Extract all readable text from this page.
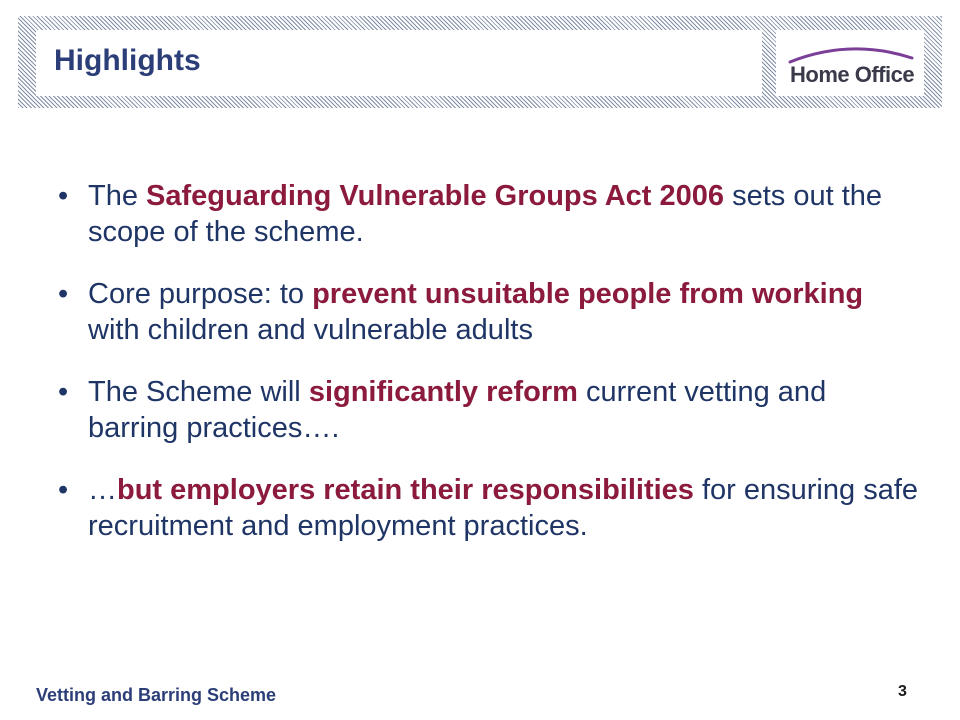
Highlights	Home Office
• The Safeguarding Vulnerable Groups Act 2006 sets out the scope of the scheme.
• Core purpose: to prevent unsuitable people from working with children and vulnerable adults
• The Scheme will significantly reform current vetting and barring practices….
• …but employers retain their responsibilities for ensuring safe recruitment and employment practices.
Vetting and Barring Scheme	3
